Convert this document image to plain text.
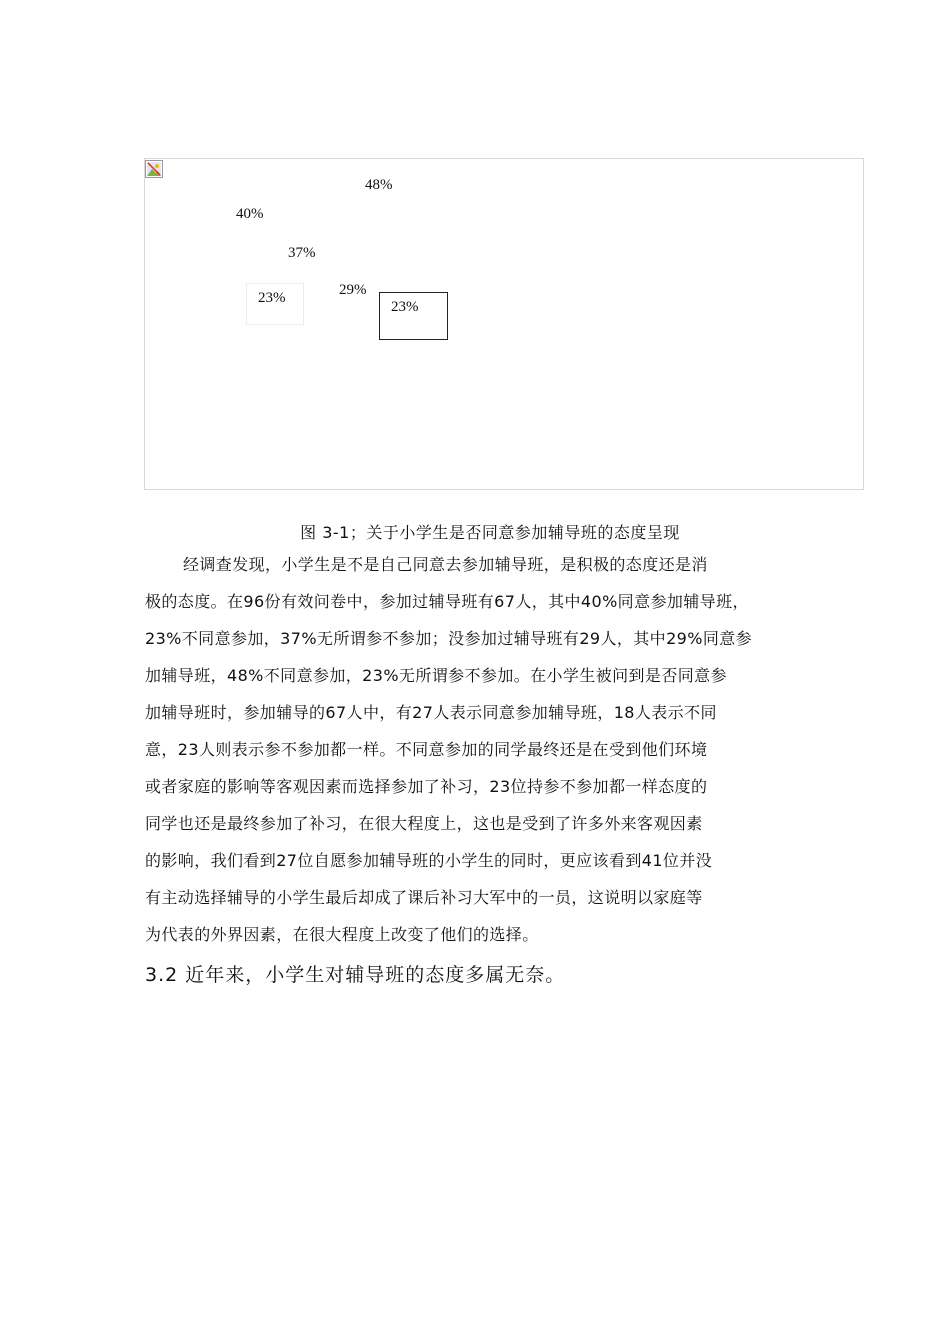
48%
40%
37%
23%	29%
23%
图 3-1；关于小学生是否同意参加辅导班的态度呈现
经调查发现，小学生是不是自己同意去参加辅导班，是积极的态度还是消
极的态度。在96份有效问卷中，参加过辅导班有67人，其中40%同意参加辅导班，
23%不同意参加，37%无所谓参不参加；没参加过辅导班有29人，其中29%同意参
加辅导班，48%不同意参加，23%无所谓参不参加。在小学生被问到是否同意参
加辅导班时，参加辅导的67人中，有27人表示同意参加辅导班，18人表示不同
意，23人则表示参不参加都一样。不同意参加的同学最终还是在受到他们环境
或者家庭的影响等客观因素而选择参加了补习，23位持参不参加都一样态度的
同学也还是最终参加了补习，在很大程度上，这也是受到了许多外来客观因素
的影响，我们看到27位自愿参加辅导班的小学生的同时，更应该看到41位并没
有主动选择辅导的小学生最后却成了课后补习大军中的一员，这说明以家庭等
为代表的外界因素，在很大程度上改变了他们的选择。
3.2 近年来，小学生对辅导班的态度多属无奈。
